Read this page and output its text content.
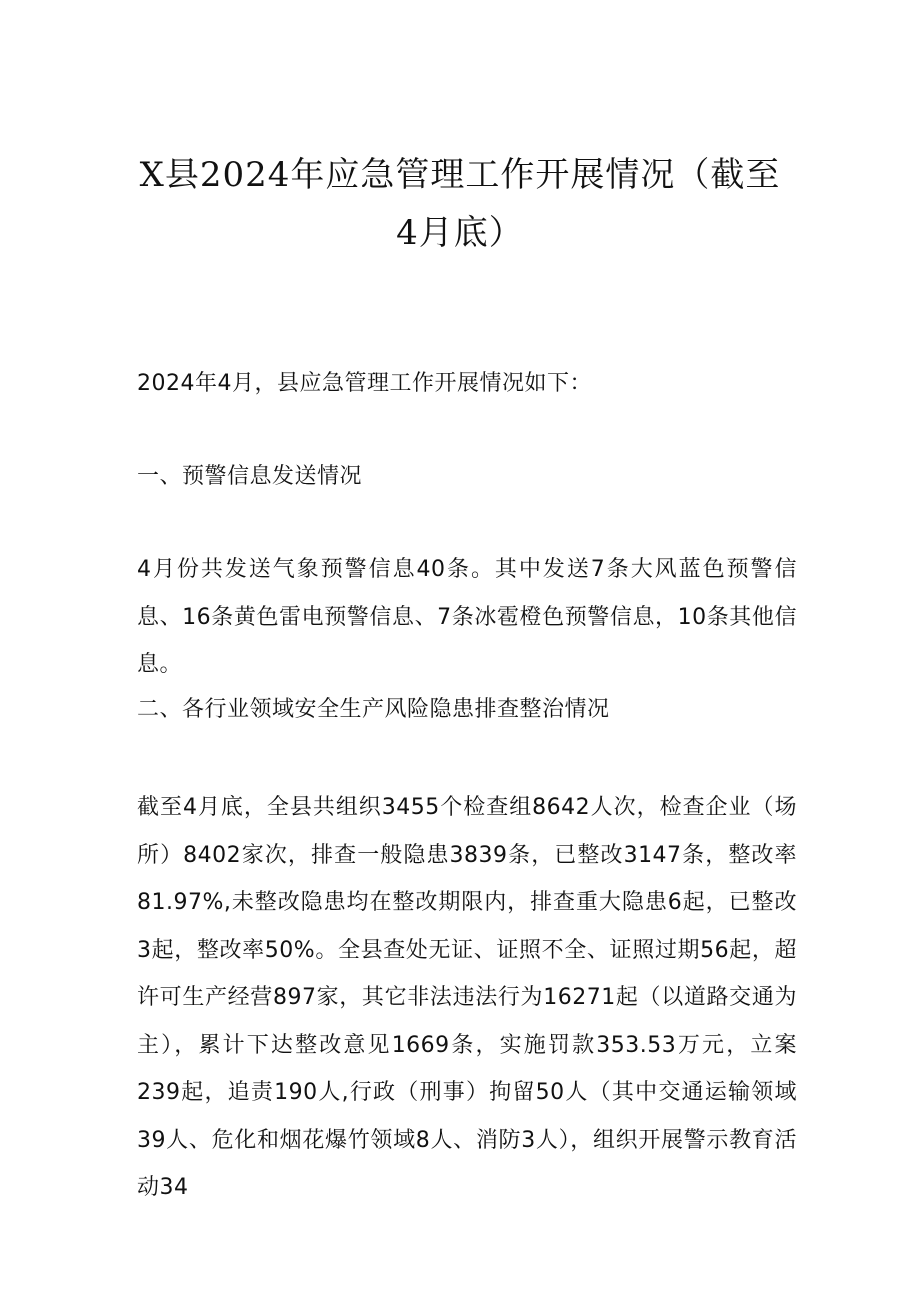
X县2024年应急管理工作开展情况（截至4月底）

2024年4月，县应急管理工作开展情况如下：

一、预警信息发送情况

4月份共发送气象预警信息40条。其中发送7条大风蓝色预警信息、16条黄色雷电预警信息、7条冰雹橙色预警信息，10条其他信息。

二、各行业领域安全生产风险隐患排查整治情况

截至4月底，全县共组织3455个检查组8642人次，检查企业（场所）8402家次，排查一般隐患3839条，已整改3147条，整改率81.97%,未整改隐患均在整改期限内，排查重大隐患6起，已整改3起，整改率50%。全县查处无证、证照不全、证照过期56起，超许可生产经营897家，其它非法违法行为16271起（以道路交通为主），累计下达整改意见1669条，实施罚款353.53万元，立案239起，追责190人,行政（刑事）拘留50人（其中交通运输领域39人、危化和烟花爆竹领域8人、消防3人），组织开展警示教育活动34
